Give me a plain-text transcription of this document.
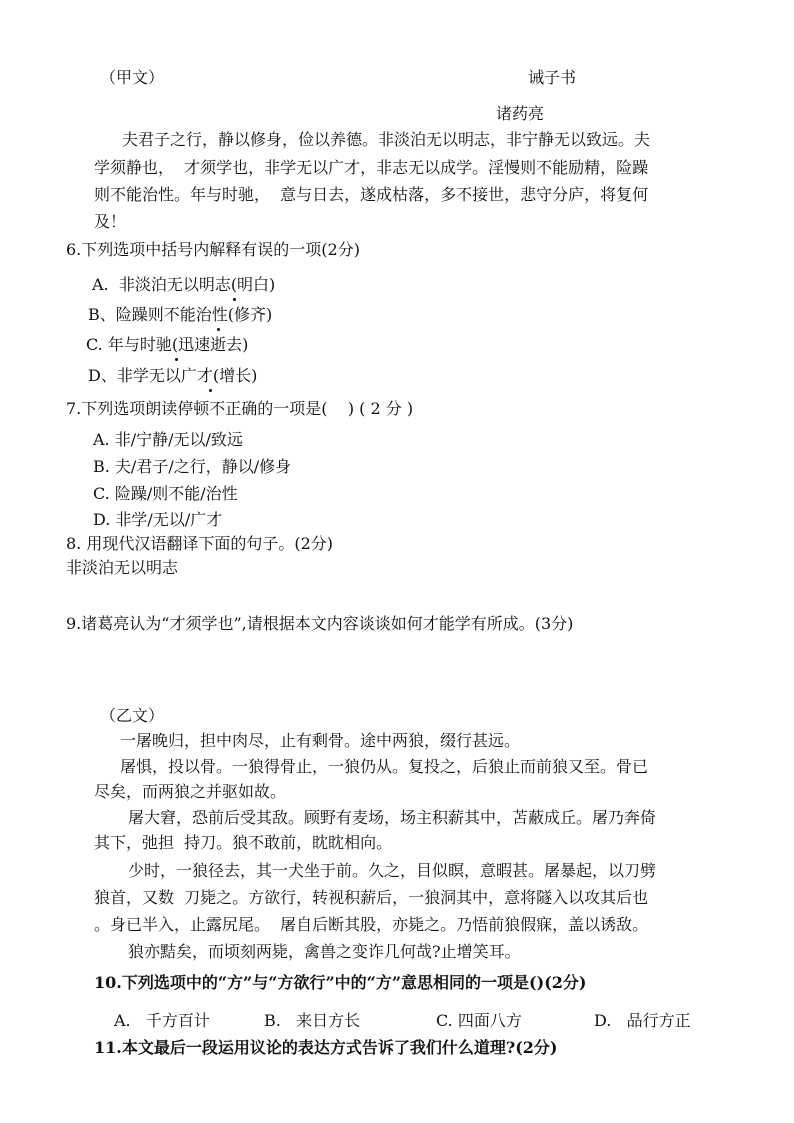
（甲文）	诫子书
诸药亮
夫君子之行，静以修身，俭以养德。非淡泊无以明志，非宁静无以致远。夫
学须静也，  才须学也，非学无以广才，非志无以成学。淫慢则不能励精，险躁
则不能治性。年与时驰，  意与日去，遂成枯落，多不接世，悲守分庐，将复何
及！
6.下列选项中括号内解释有误的一项(2分)
A.  非淡泊无以明志(明白)
B、险躁则不能治性(修齐)
C. 年与时驰(迅速逝去)
D、非学无以广才(增长)
7.下列选项朗读停顿不正确的一项是(    ) ( 2 分 )
A. 非/宁静/无以/致远
B. 夫/君子/之行，静以/修身
C. 险躁/则不能/治性
D. 非学/无以/广才
8. 用现代汉语翻译下面的句子。(2分)
非淡泊无以明志
9.诸葛亮认为“才须学也”,请根据本文内容谈谈如何才能学有所成。(3分)
（乙文）
一屠晚归，担中肉尽，止有剩骨。途中两狼，缀行甚远。
屠惧，投以骨。一狼得骨止，一狼仍从。复投之，后狼止而前狼又至。骨已
尽矣，而两狼之并驱如故。
屠大窘，恐前后受其敌。顾野有麦场，场主积薪其中，苫蔽成丘。屠乃奔倚
其下，弛担  持刀。狼不敢前，眈眈相向。
少时，一狼径去，其一犬坐于前。久之，目似瞑，意暇甚。屠暴起，以刀劈
狼首，又数  刀毙之。方欲行，转视积薪后，一狼洞其中，意将隧入以攻其后也
。身已半入，止露尻尾。  屠自后断其股，亦毙之。乃悟前狼假寐，盖以诱敌。
狼亦黠矣，而顷刻两毙，禽兽之变诈几何哉?止增笑耳。
10.下列选项中的“方”与“方欲行”中的“方”意思相同的一项是()(2分)
A.   千方百计	B.   来日方长	C. 四面八方	D.   品行方正
11.本文最后一段运用议论的表达方式告诉了我们什么道理?(2分)
